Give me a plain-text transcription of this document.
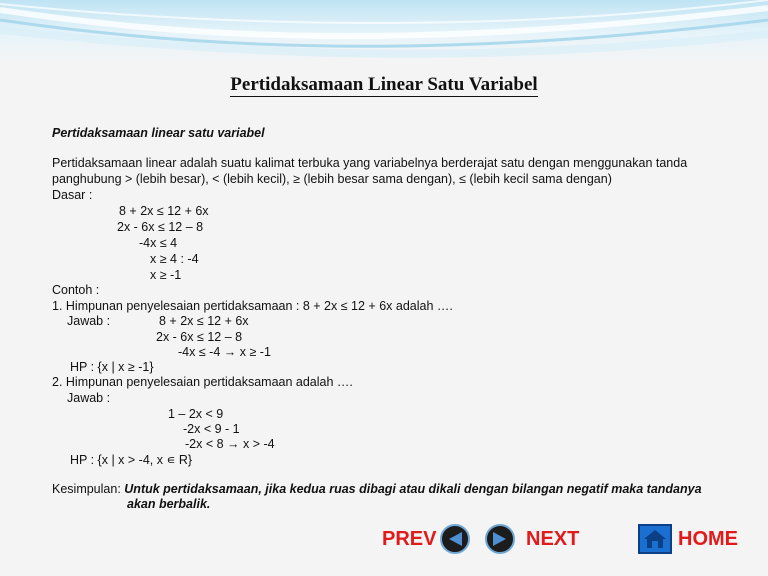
Pertidaksamaan Linear Satu Variabel
Pertidaksamaan linear satu variabel
Pertidaksamaan linear adalah suatu kalimat terbuka yang variabelnya berderajat satu dengan menggunakan tanda
panghubung > (lebih besar), < (lebih kecil), ≥ (lebih besar sama dengan), ≤ (lebih kecil sama dengan)
Dasar :
8 + 2x ≤ 12 + 6x
2x - 6x ≤ 12 – 8
-4x ≤ 4
x ≥ 4 : -4
x ≥ -1
Contoh :
1. Himpunan penyelesaian pertidaksamaan : 8 + 2x ≤ 12 + 6x adalah ….
Jawab :	8 + 2x ≤ 12 + 6x
2x - 6x ≤ 12 – 8
-4x ≤ -4 → x ≥ -1
HP : {x | x ≥ -1}
2. Himpunan penyelesaian pertidaksamaan adalah ….
Jawab :
1 – 2x < 9
-2x < 9 - 1
-2x < 8 → x > -4
HP : {x | x > -4, x ∊ R}
Kesimpulan: Untuk pertidaksamaan, jika kedua ruas dibagi atau dikali dengan bilangan negatif maka tandanya
akan berbalik.
PREV	NEXT	HOME
